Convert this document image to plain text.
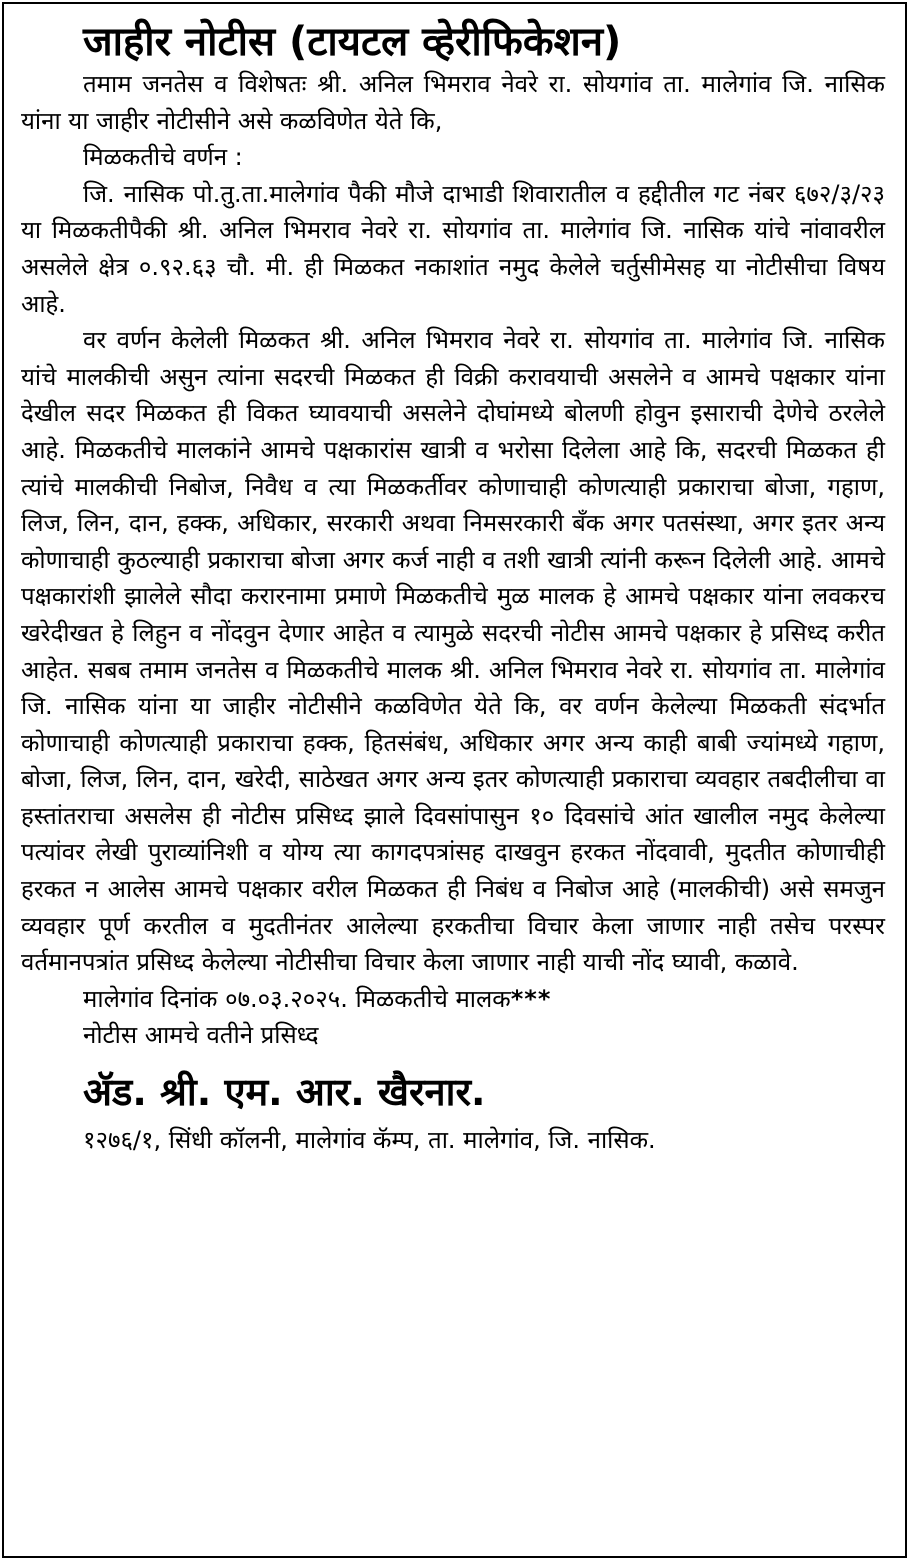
जाहीर नोटीस (टायटल व्हेरीफिकेशन)

तमाम जनतेस व विशेषतः श्री. अनिल भिमराव नेवरे रा. सोयगांव ता. मालेगांव जि. नासिक यांना या जाहीर नोटीसीने असे कळविणेत येते कि,

मिळकतीचे वर्णन :

जि. नासिक पो.तु.ता.मालेगांव पैकी मौजे दाभाडी शिवारातील व हद्दीतील गट नंबर ६७२/३/२३ या मिळकतीपैकी श्री. अनिल भिमराव नेवरे रा. सोयगांव ता. मालेगांव जि. नासिक यांचे नांवावरील असलेले क्षेत्र ०.९२.६३ चौ. मी. ही मिळकत नकाशांत नमुद केलेले चर्तुसीमेसह या नोटीसीचा विषय आहे.

वर वर्णन केलेली मिळकत श्री. अनिल भिमराव नेवरे रा. सोयगांव ता. मालेगांव जि. नासिक यांचे मालकीची असुन त्यांना सदरची मिळकत ही विक्री करावयाची असलेने व आमचे पक्षकार यांना देखील सदर मिळकत ही विकत घ्यावयाची असलेने दोघांमध्ये बोलणी होवुन इसाराची देणेचे ठरलेले आहे. मिळकतीचे मालकांने आमचे पक्षकारांस खात्री व भरोसा दिलेला आहे कि, सदरची मिळकत ही त्यांचे मालकीची निबाेज, निवैध व त्या मिळकर्तीवर कोणाचाही कोणत्याही प्रकाराचा बोजा, गहाण, लिज, लिन, दान, हक्क, अधिकार, सरकारी अथवा निमसरकारी बँक अगर पतसंस्था, अगर इतर अन्य कोणाचाही कुठल्याही प्रकाराचा बोजा अगर कर्ज नाही व तशी खात्री त्यांनी करून दिलेली आहे. आमचे पक्षकारांशी झालेले सौदा करारनामा प्रमाणे मिळकतीचे मुळ मालक हे आमचे पक्षकार यांना लवकरच खरेदीखत हे लिहुन व नोंदवुन देणार आहेत व त्यामुळे सदरची नोटीस आमचे पक्षकार हे प्रसिध्द करीत आहेत. सबब तमाम जनतेस व मिळकतीचे मालक श्री. अनिल भिमराव नेवरे रा. सोयगांव ता. मालेगांव जि. नासिक यांना या जाहीर नोटीसीने कळविणेत येते कि, वर वर्णन केलेल्या मिळकती संदर्भात कोणाचाही कोणत्याही प्रकाराचा हक्क, हितसंबंध, अधिकार अगर अन्य काही बाबी ज्यांमध्ये गहाण, बोजा, लिज, लिन, दान, खरेदी, साठेखत अगर अन्य इतर कोणत्याही प्रकाराचा व्यवहार तबदीलीचा वा हस्तांतराचा असलेस ही नोटीस प्रसिध्द झाले दिवसांपासुन १० दिवसांचे आंत खालील नमुद केलेल्या पत्यांवर लेखी पुराव्यांनिशी व योग्य त्या कागदपत्रांसह दाखवुन हरकत नोंदवावी, मुदतीत कोणाचीही हरकत न आलेस आमचे पक्षकार वरील मिळकत ही निबंध व निबाेज आहे (मालकीची) असे समजुन व्यवहार पूर्ण करतील व मुदतीनंतर आलेल्या हरकतीचा विचार केला जाणार नाही तसेच परस्पर वर्तमानपत्रांत प्रसिध्द केलेल्या नोटीसीचा विचार केला जाणार नाही याची नोंद घ्यावी, कळावे.

मालेगांव दिनांक ०७.०३.२०२५. मिळकतीचे मालक***

नोटीस आमचे वतीने प्रसिध्द

ॲड. श्री. एम. आर. खैरनार.
१२७६/१, सिंधी कॉलनी, मालेगांव कॅम्प, ता. मालेगांव, जि. नासिक.
